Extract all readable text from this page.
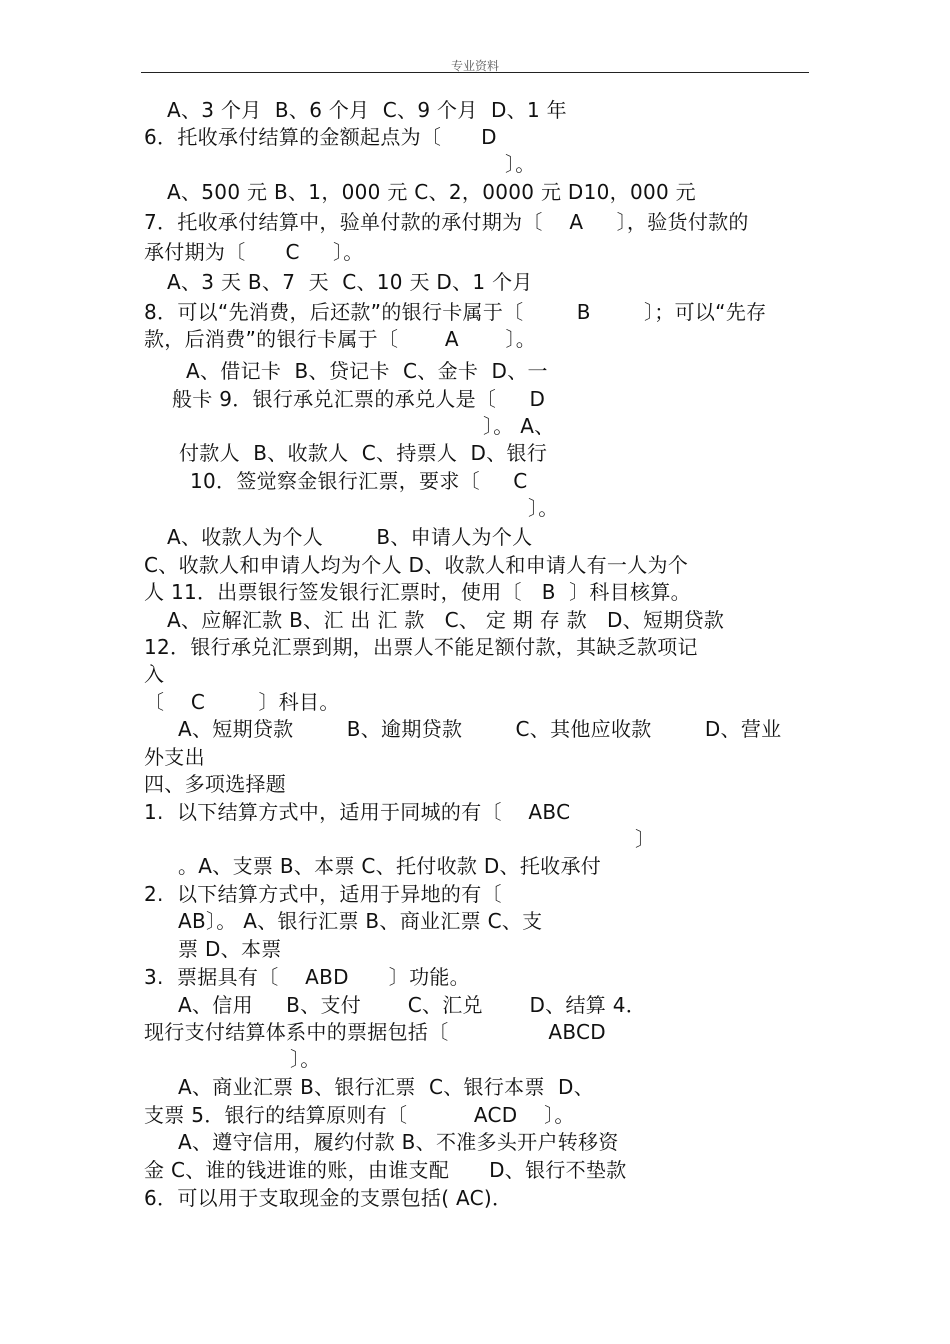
专业资料
A、3 个月  B、6 个月  C、9 个月  D、1 年
6．托收承付结算的金额起点为〔      D
〕。
A、500 元 B、1，000 元 C、2，0000 元 D10，000 元
7．托收承付结算中，验单付款的承付期为〔    A     〕，验货付款的
承付期为〔      C     〕。
A、3 天 B、7  天  C、10 天 D、1 个月
8．可以“先消费，后还款”的银行卡属于〔        B        〕；可以“先存
款，后消费”的银行卡属于〔       A       〕。
A、借记卡  B、贷记卡  C、金卡  D、一
般卡 9．银行承兑汇票的承兑人是〔     D
〕。 A、
付款人  B、收款人  C、持票人  D、银行
10．签觉察金银行汇票，要求〔     C
〕。
A、收款人为个人        B、申请人为个人
C、收款人和申请人均为个人 D、收款人和申请人有一人为个
人 11．出票银行签发银行汇票时，使用〔   B  〕科目核算。
A、应解汇款 B、汇 出 汇 款   C、 定 期 存 款   D、短期贷款
12．银行承兑汇票到期，出票人不能足额付款，其缺乏款项记
入
〔    C        〕科目。
A、短期贷款        B、逾期贷款        C、其他应收款        D、营业
外支出
四、多项选择题
1.  以下结算方式中，适用于同城的有〔    ABC
〕
。A、支票 B、本票 C、托付收款 D、托收承付
2.  以下结算方式中，适用于异地的有〔
AB〕。 A、银行汇票 B、商业汇票 C、支
票 D、本票
3.  票据具有〔    ABD      〕功能。
A、信用     B、支付       C、汇兑       D、结算 4．
现行支付结算体系中的票据包括〔               ABCD
〕。
A、商业汇票 B、银行汇票  C、银行本票  D、
支票 5．银行的结算原则有〔          ACD    〕。
A、遵守信用，履约付款 B、不准多头开户转移资
金 C、谁的钱进谁的账，由谁支配      D、银行不垫款
6．可以用于支取现金的支票包括( AC)．
